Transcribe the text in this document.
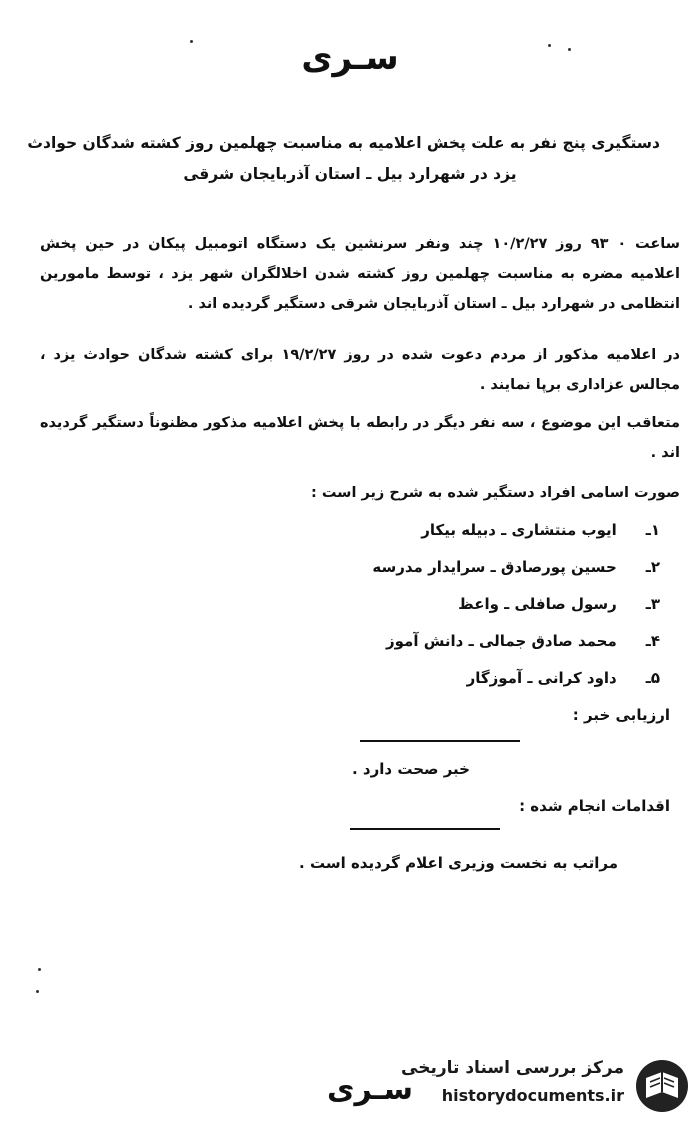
سـری
دستگیری پنج نفر به علت پخش اعلامیه به مناسبت چهلمین روز کشته شدگان حوادث
یزد در شهرارد بیل ـ استان آذربایجان شرقی
ساعت ۰ ۹۳ روز ۱۰/۲/۲۷ چند ونفر سرنشین یک دستگاه اتومبیل پیکان در حین پخش اعلامیه مضره به مناسبت چهلمین روز کشته شدن اخلالگران شهر یزد ، توسط مامورین انتظامی در شهرارد بیل ـ استان آذربایجان شرقی دستگیر گردیده اند .
در اعلامیه مذکور از مردم دعوت شده در روز ۱۹/۲/۲۷ برای کشته شدگان حوادث یزد ، مجالس عزاداری برپا نمایند .
متعاقب این موضوع ، سه نفر دیگر در رابطه با پخش اعلامیه مذکور مظنوناً دستگیر گردیده اند .
صورت اسامی افراد دستگیر شده به شرح زیر است :
۱ـ ایوب منتشاری ـ دبیله بیکار
۲ـ حسین پورصادق ـ سرایدار مدرسه
۳ـ رسول صافلی ـ واعظ
۴ـ محمد صادق جمالی ـ دانش آموز
۵ـ داود کرانی ـ آموزگار
ارزیابی خبر :
خبر صحت دارد .
اقدامات انجام شده :
مراتب به نخست وزیری اعلام گردیده است .
سـری
مرکز بررسی اسناد تاریخی
historydocuments.ir
